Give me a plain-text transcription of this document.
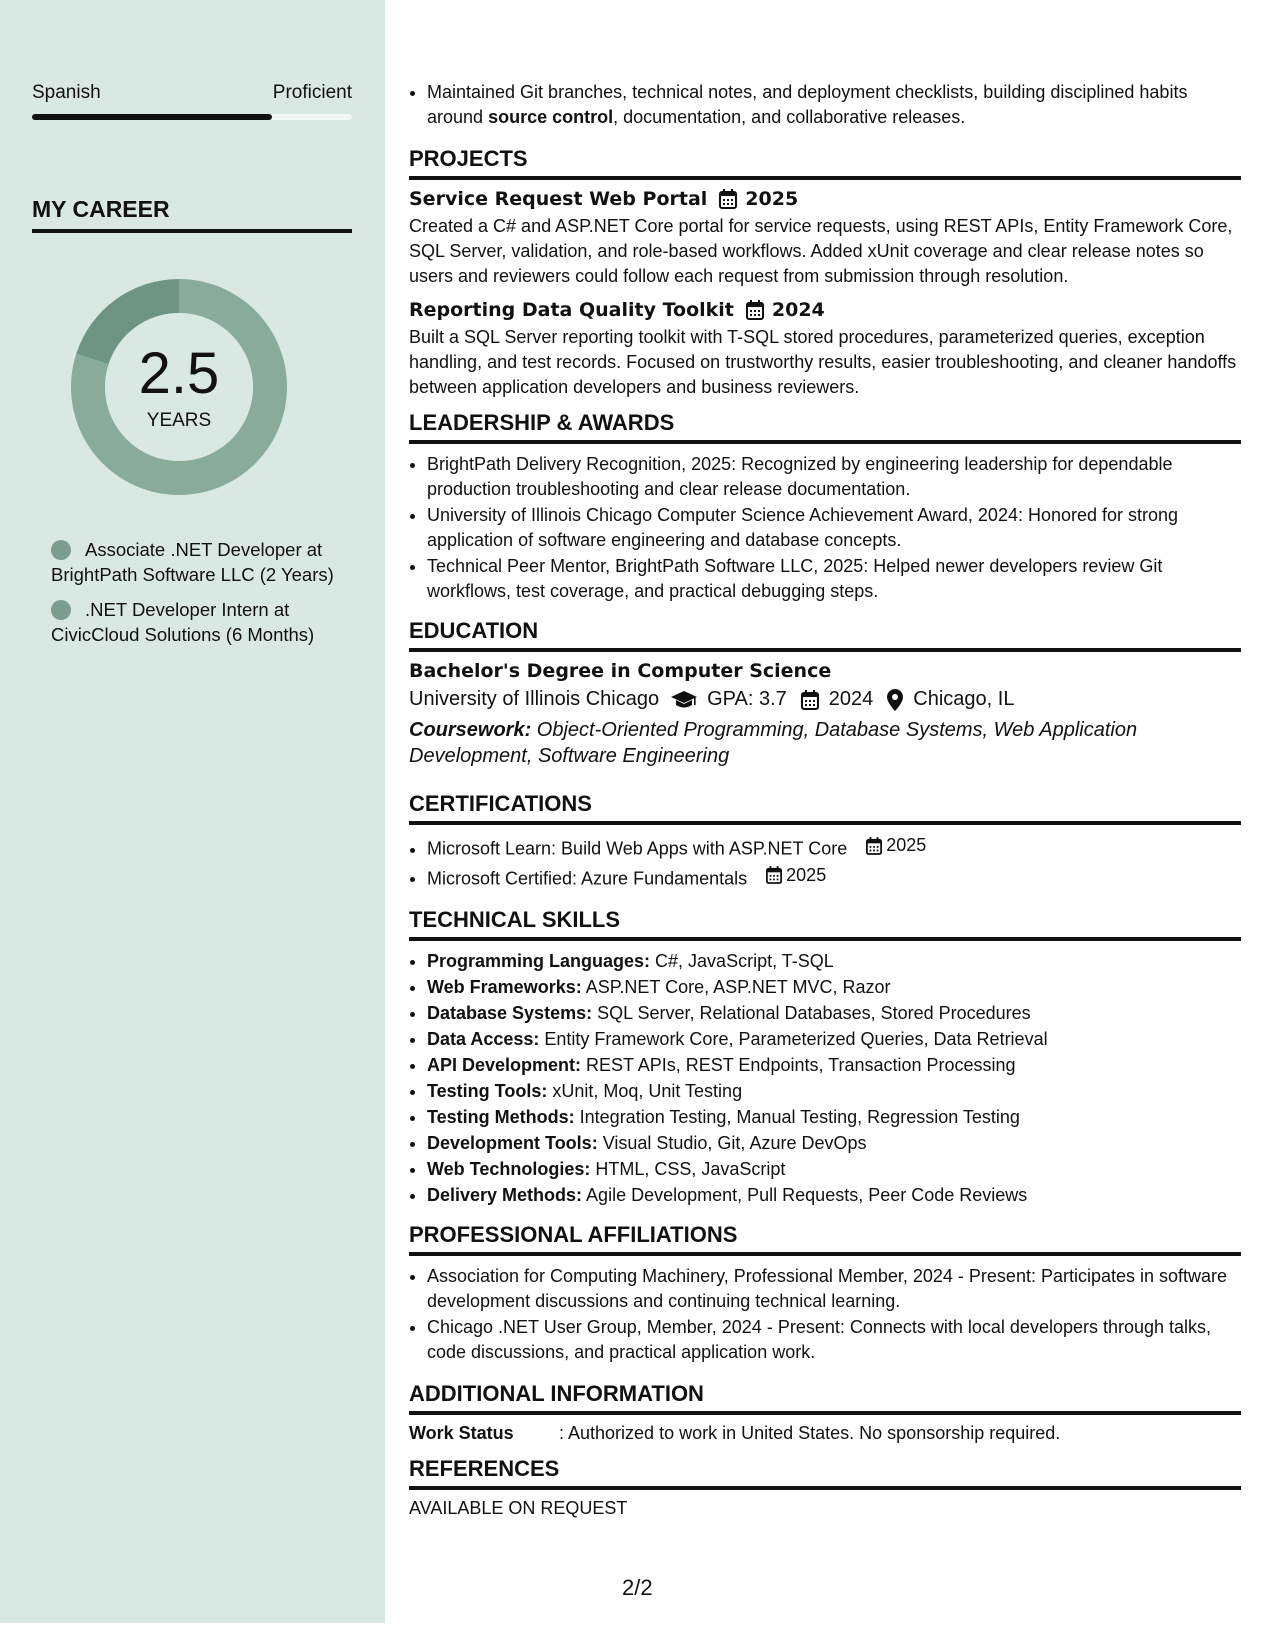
Spanish	Proficient
MY CAREER
2.5
YEARS
Associate .NET Developer at BrightPath Software LLC (2 Years)
.NET Developer Intern at CivicCloud Solutions (6 Months)
• Maintained Git branches, technical notes, and deployment checklists, building disciplined habits around source control, documentation, and collaborative releases.
PROJECTS
Service Request Web Portal 2025
Created a C# and ASP.NET Core portal for service requests, using REST APIs, Entity Framework Core, SQL Server, validation, and role-based workflows. Added xUnit coverage and clear release notes so users and reviewers could follow each request from submission through resolution.
Reporting Data Quality Toolkit 2024
Built a SQL Server reporting toolkit with T-SQL stored procedures, parameterized queries, exception handling, and test records. Focused on trustworthy results, easier troubleshooting, and cleaner handoffs between application developers and business reviewers.
LEADERSHIP & AWARDS
• BrightPath Delivery Recognition, 2025: Recognized by engineering leadership for dependable production troubleshooting and clear release documentation.
• University of Illinois Chicago Computer Science Achievement Award, 2024: Honored for strong application of software engineering and database concepts.
• Technical Peer Mentor, BrightPath Software LLC, 2025: Helped newer developers review Git workflows, test coverage, and practical debugging steps.
EDUCATION
Bachelor's Degree in Computer Science
University of Illinois Chicago GPA: 3.7 2024 Chicago, IL
Coursework: Object-Oriented Programming, Database Systems, Web Application Development, Software Engineering
CERTIFICATIONS
• Microsoft Learn: Build Web Apps with ASP.NET Core 2025
• Microsoft Certified: Azure Fundamentals 2025
TECHNICAL SKILLS
• Programming Languages: C#, JavaScript, T-SQL
• Web Frameworks: ASP.NET Core, ASP.NET MVC, Razor
• Database Systems: SQL Server, Relational Databases, Stored Procedures
• Data Access: Entity Framework Core, Parameterized Queries, Data Retrieval
• API Development: REST APIs, REST Endpoints, Transaction Processing
• Testing Tools: xUnit, Moq, Unit Testing
• Testing Methods: Integration Testing, Manual Testing, Regression Testing
• Development Tools: Visual Studio, Git, Azure DevOps
• Web Technologies: HTML, CSS, JavaScript
• Delivery Methods: Agile Development, Pull Requests, Peer Code Reviews
PROFESSIONAL AFFILIATIONS
• Association for Computing Machinery, Professional Member, 2024 - Present: Participates in software development discussions and continuing technical learning.
• Chicago .NET User Group, Member, 2024 - Present: Connects with local developers through talks, code discussions, and practical application work.
ADDITIONAL INFORMATION
Work Status	: Authorized to work in United States. No sponsorship required.
REFERENCES
AVAILABLE ON REQUEST
2/2
